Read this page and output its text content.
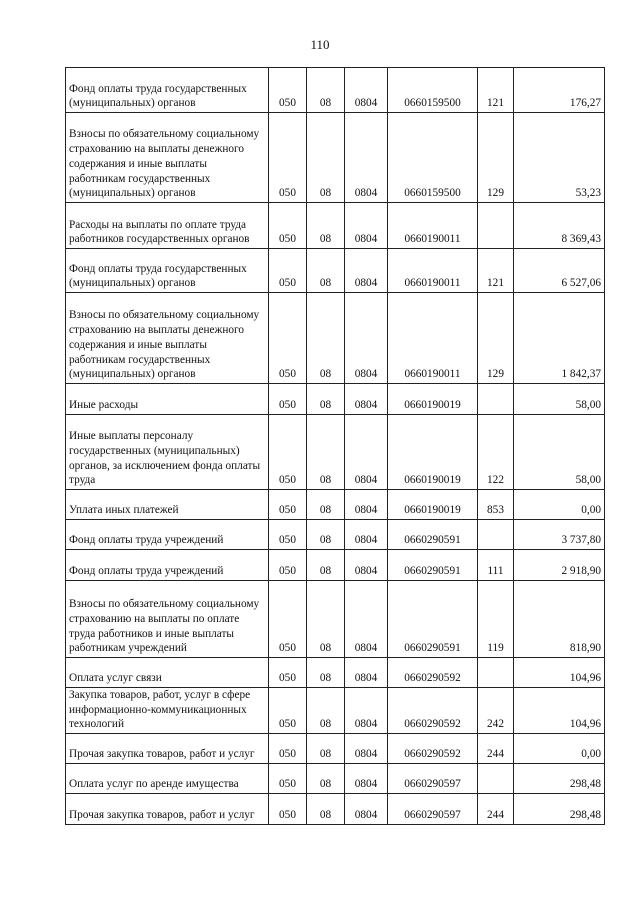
110
Фонд оплаты труда государственных (муниципальных) органов	050	08	0804	0660159500	121	176,27

Взносы по обязательному социальному страхованию на выплаты денежного содержания и иные выплаты работникам государственных (муниципальных) органов	050	08	0804	0660159500	129	53,23

Расходы на выплаты по оплате труда работников государственных органов	050	08	0804	0660190011		8 369,43

Фонд оплаты труда государственных (муниципальных) органов	050	08	0804	0660190011	121	6 527,06

Взносы по обязательному социальному страхованию на выплаты денежного содержания и иные выплаты работникам государственных (муниципальных) органов	050	08	0804	0660190011	129	1 842,37

Иные расходы	050	08	0804	0660190019		58,00

Иные выплаты персоналу государственных (муниципальных) органов, за исключением фонда оплаты труда	050	08	0804	0660190019	122	58,00

Уплата иных платежей	050	08	0804	0660190019	853	0,00

Фонд оплаты труда учреждений	050	08	0804	0660290591		3 737,80

Фонд оплаты труда учреждений	050	08	0804	0660290591	111	2 918,90

Взносы по обязательному социальному страхованию на выплаты по оплате труда работников и иные выплаты работникам учреждений	050	08	0804	0660290591	119	818,90

Оплата услуг связи	050	08	0804	0660290592		104,96

Закупка товаров, работ, услуг в сфере информационно-коммуникационных технологий	050	08	0804	0660290592	242	104,96

Прочая закупка товаров, работ и услуг	050	08	0804	0660290592	244	0,00

Оплата услуг по аренде имущества	050	08	0804	0660290597		298,48

Прочая закупка товаров, работ и услуг	050	08	0804	0660290597	244	298,48
